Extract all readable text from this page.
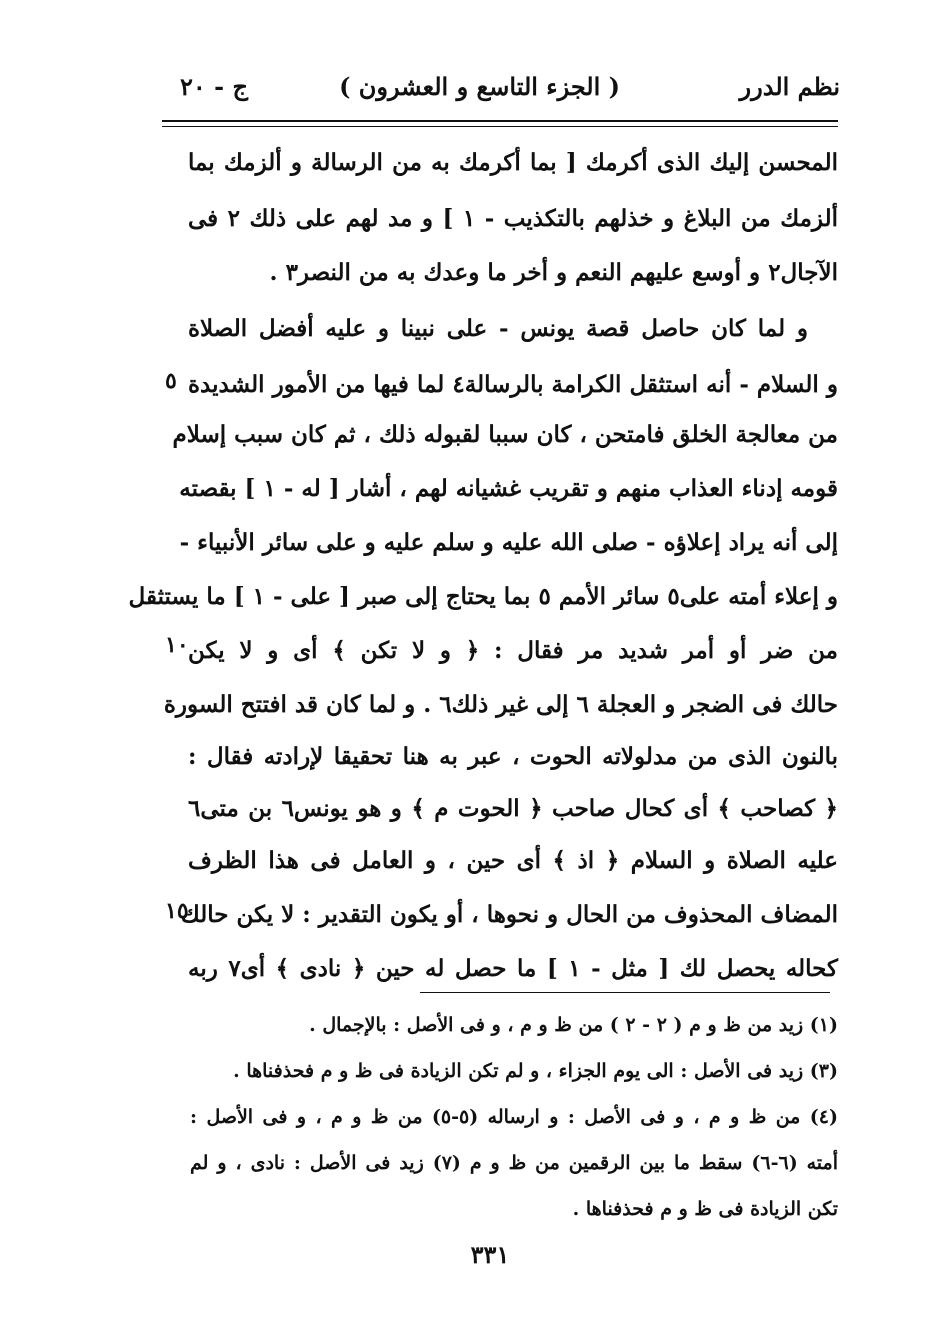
نظم الدرر
( الجزء التاسع و العشرون )
ج - ٢٠
المحسن إليك الذى أكرمك [ بما أكرمك به من الرسالة و ألزمك بما
ألزمك من البلاغ و خذلهم بالتكذيب - ١ ] و مد لهم على ذلك ٢ فى
الآجال٢ و أوسع عليهم النعم و أخر ما وعدك به من النصر٣ .
و لما كان حاصل قصة يونس - على نبينا و عليه أفضل الصلاة
و السلام - أنه استثقل الكرامة بالرسالة٤ لما فيها من الأمور الشديدة
من معالجة الخلق فامتحن ، كان سببا لقبوله ذلك ، ثم كان سبب إسلام
قومه إدناء العذاب منهم و تقريب غشيانه لهم ، أشار [ له - ١ ] بقصته
إلى أنه يراد إعلاؤه - صلى الله عليه و سلم عليه و على سائر الأنبياء -
و إعلاء أمته على٥ سائر الأمم ٥ بما يحتاج إلى صبر [ على - ١ ] ما يستثقل
من ضر أو أمر شديد مر فقال : ﴿ و لا تكن ﴾ أى و لا يكن
حالك فى الضجر و العجلة ٦ إلى غير ذلك٦ . و لما كان قد افتتح السورة
بالنون الذى من مدلولاته الحوت ، عبر به هنا تحقيقا لإرادته فقال :
﴿ كصاحب ﴾ أى كحال صاحب ﴿ الحوت م ﴾ و هو يونس٦ بن متى٦
عليه الصلاة و السلام ﴿ اذ ﴾ أى حين ، و العامل فى هذا الظرف
المضاف المحذوف من الحال و نحوها ، أو يكون التقدير : لا يكن حالك
كحاله يحصل لك [ مثل - ١ ] ما حصل له حين ﴿ نادى ﴾ أى٧ ربه
٥
١٠
١٥
(١) زيد من ظ و م ( ٢ - ٢ ) من ظ و م ، و فى الأصل : بالإجمال .
(٣) زيد فى الأصل : الى يوم الجزاء ، و لم تكن الزيادة فى ظ و م فحذفناها .
(٤) من ظ و م ، و فى الأصل : و ارساله (٥-٥) من ظ و م ، و فى الأصل :
أمته (٦-٦) سقط ما بين الرقمين من ظ و م (٧) زيد فى الأصل : نادى ، و لم
تكن الزيادة فى ظ و م فحذفناها .
٣٣١
